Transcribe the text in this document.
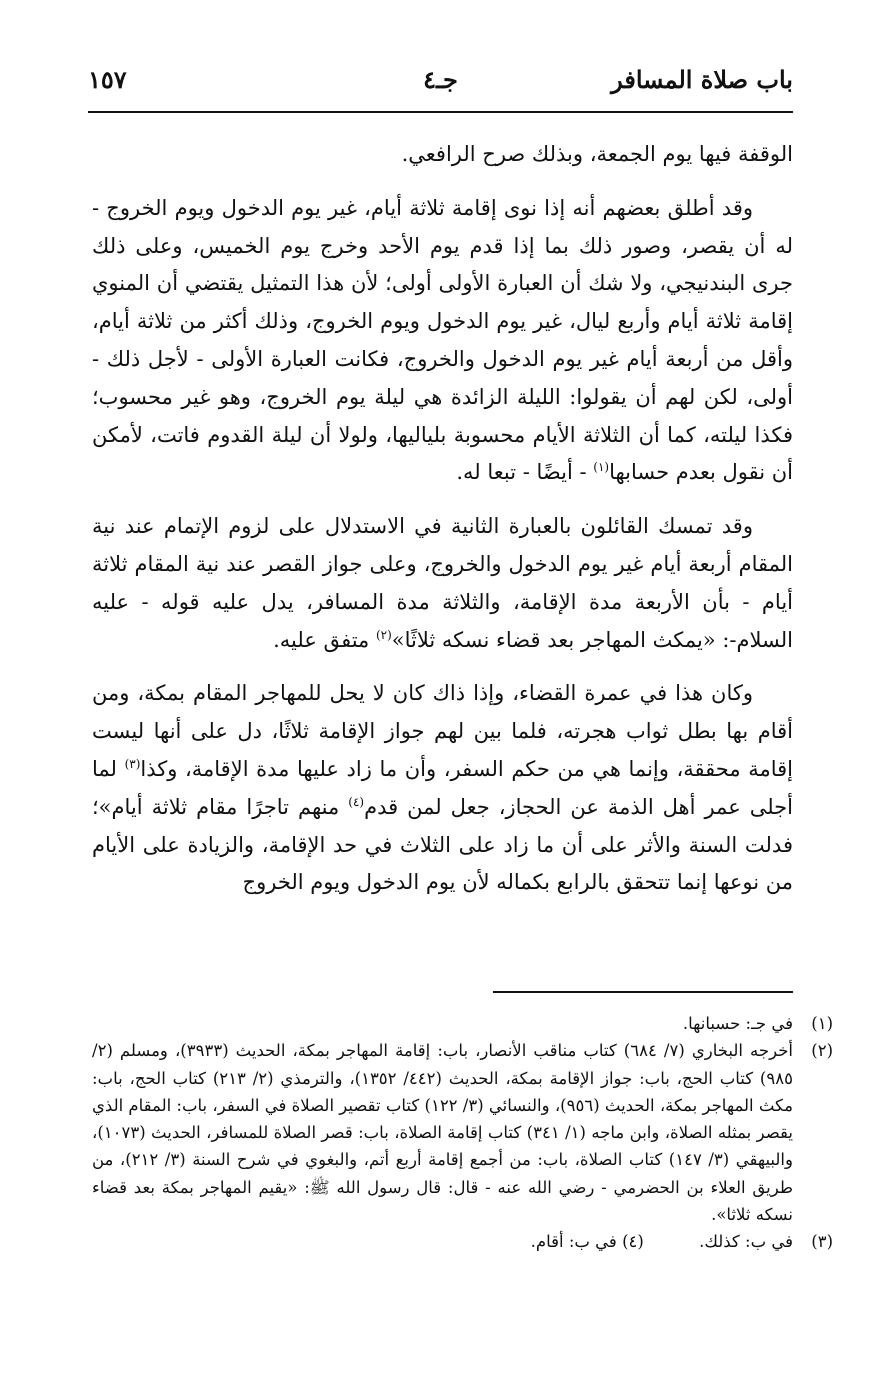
باب صلاة المسافر
جـ٤
١٥٧

الوقفة فيها يوم الجمعة، وبذلك صرح الرافعي.

وقد أطلق بعضهم أنه إذا نوى إقامة ثلاثة أيام، غير يوم الدخول ويوم الخروج - له أن يقصر، وصور ذلك بما إذا قدم يوم الأحد وخرج يوم الخميس، وعلى ذلك جرى البندنيجي، ولا شك أن العبارة الأولى أولى؛ لأن هذا التمثيل يقتضي أن المنوي إقامة ثلاثة أيام وأربع ليال، غير يوم الدخول ويوم الخروج، وذلك أكثر من ثلاثة أيام، وأقل من أربعة أيام غير يوم الدخول والخروج، فكانت العبارة الأولى - لأجل ذلك - أولى، لكن لهم أن يقولوا: الليلة الزائدة هي ليلة يوم الخروج، وهو غير محسوب؛ فكذا ليلته، كما أن الثلاثة الأيام محسوبة بلياليها، ولولا أن ليلة القدوم فاتت، لأمكن أن نقول بعدم حسابها$^{(١)}$ - أيضًا - تبعا له.

وقد تمسك القائلون بالعبارة الثانية في الاستدلال على لزوم الإتمام عند نية المقام أربعة أيام غير يوم الدخول والخروج، وعلى جواز القصر عند نية المقام ثلاثة أيام - بأن الأربعة مدة الإقامة، والثلاثة مدة المسافر، يدل عليه قوله - عليه السلام-: «يمكث المهاجر بعد قضاء نسكه ثلاثًا»$^{(٢)}$ متفق عليه.

وكان هذا في عمرة القضاء، وإذا ذاك كان لا يحل للمهاجر المقام بمكة، ومن أقام بها بطل ثواب هجرته، فلما بين لهم جواز الإقامة ثلاثًا، دل على أنها ليست إقامة محققة، وإنما هي من حكم السفر، وأن ما زاد عليها مدة الإقامة، وكذا$^{(٣)}$ لما أجلى عمر أهل الذمة عن الحجاز، جعل لمن قدم$^{(٤)}$ منهم تاجرًا مقام ثلاثة أيام»؛ فدلت السنة والأثر على أن ما زاد على الثلاث في حد الإقامة، والزيادة على الأيام من نوعها إنما تتحقق بالرابع بكماله لأن يوم الدخول ويوم الخروج

(١)
في جـ: حسبانها.
(٢)
أخرجه البخاري (٧/ ٦٨٤) كتاب مناقب الأنصار، باب: إقامة المهاجر بمكة، الحديث (٣٩٣٣)، ومسلم (٢/ ٩٨٥) كتاب الحج، باب: جواز الإقامة بمكة، الحديث (٤٤٢/ ١٣٥٢)، والترمذي (٢/ ٢١٣) كتاب الحج، باب: مكث المهاجر بمكة، الحديث (٩٥٦)، والنسائي (٣/ ١٢٢) كتاب تقصير الصلاة في السفر، باب: المقام الذي يقصر بمثله الصلاة، وابن ماجه (١/ ٣٤١) كتاب إقامة الصلاة، باب: قصر الصلاة للمسافر، الحديث (١٠٧٣)، والبيهقي (٣/ ١٤٧) كتاب الصلاة، باب: من أجمع إقامة أربع أتم، والبغوي في شرح السنة (٣/ ٢١٢)، من طريق العلاء بن الحضرمي - رضي الله عنه - قال: قال رسول الله ﷺ: «يقيم المهاجر بمكة بعد قضاء نسكه ثلاثا».
(٣)
في ب: كذلك. (٤) في ب: أقام.
